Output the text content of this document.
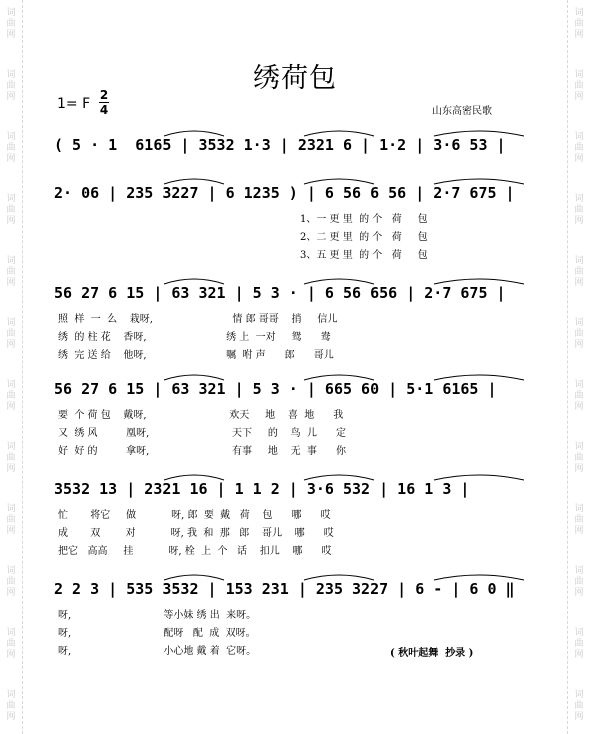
词曲网
词曲网
词曲网
词曲网
词曲网
词曲网
词曲网
词曲网
词曲网
词曲网
词曲网
词曲网
词曲网
词曲网
词曲网
词曲网
词曲网
词曲网
词曲网
词曲网
词曲网
词曲网
词曲网
词曲网
绣荷包
1= F
2
4	山东高密民歌
( 5 · 1  6165 | 3532 1·3 | 2321 6 | 1·2 | 3·6 53 |
2· 06 | 235 3227 | 6 1235 ) | 6 56 6 56 | 2·7 675 |
1、一 更 里  的 个   荷     包
2、二 更 里  的 个   荷     包
3、五 更 里  的 个   荷     包
56 27 6 15 | 63 321 | 5 3 · | 6 56 656 | 2·7 675 |
照  样  一  么    栽呀,                         情 郎 哥哥    捎     信儿
绣  的 柱 花    香呀,                         绣 上  一对     鸳      鸯
绣  完 送 给    他呀,                         嘱  咐 声      郎      哥儿
56 27 6 15 | 63 321 | 5 3 · | 665 60 | 5·1 6165 |
要  个 荷 包    戴呀,                          欢天     地    喜  地      我
又  绣 风         凰呀,                          天下     的    鸟  儿      定
好  好 的         拿呀,                          有事     地    无  事      你
3532 13 | 2321 16 | 1 1 2 | 3·6 532 | 16 1 3 |
忙       将它     做           呀, 郎  要  戴   荷    包      哪      哎
成       双        对           呀, 我  和  那   郎    哥儿    哪      哎
把它   高高     挂           呀, 栓  上  个   话    扣儿    哪      哎
2 2 3 | 535 3532 | 153 231 | 235 3227 | 6 - | 6 0 ‖
呀,                             等小妹 绣 出  来呀。
呀,                             配呀   配  成  双呀。
呀,                             小心地 戴 着  它呀。	( 秋叶起舞  抄录 )
